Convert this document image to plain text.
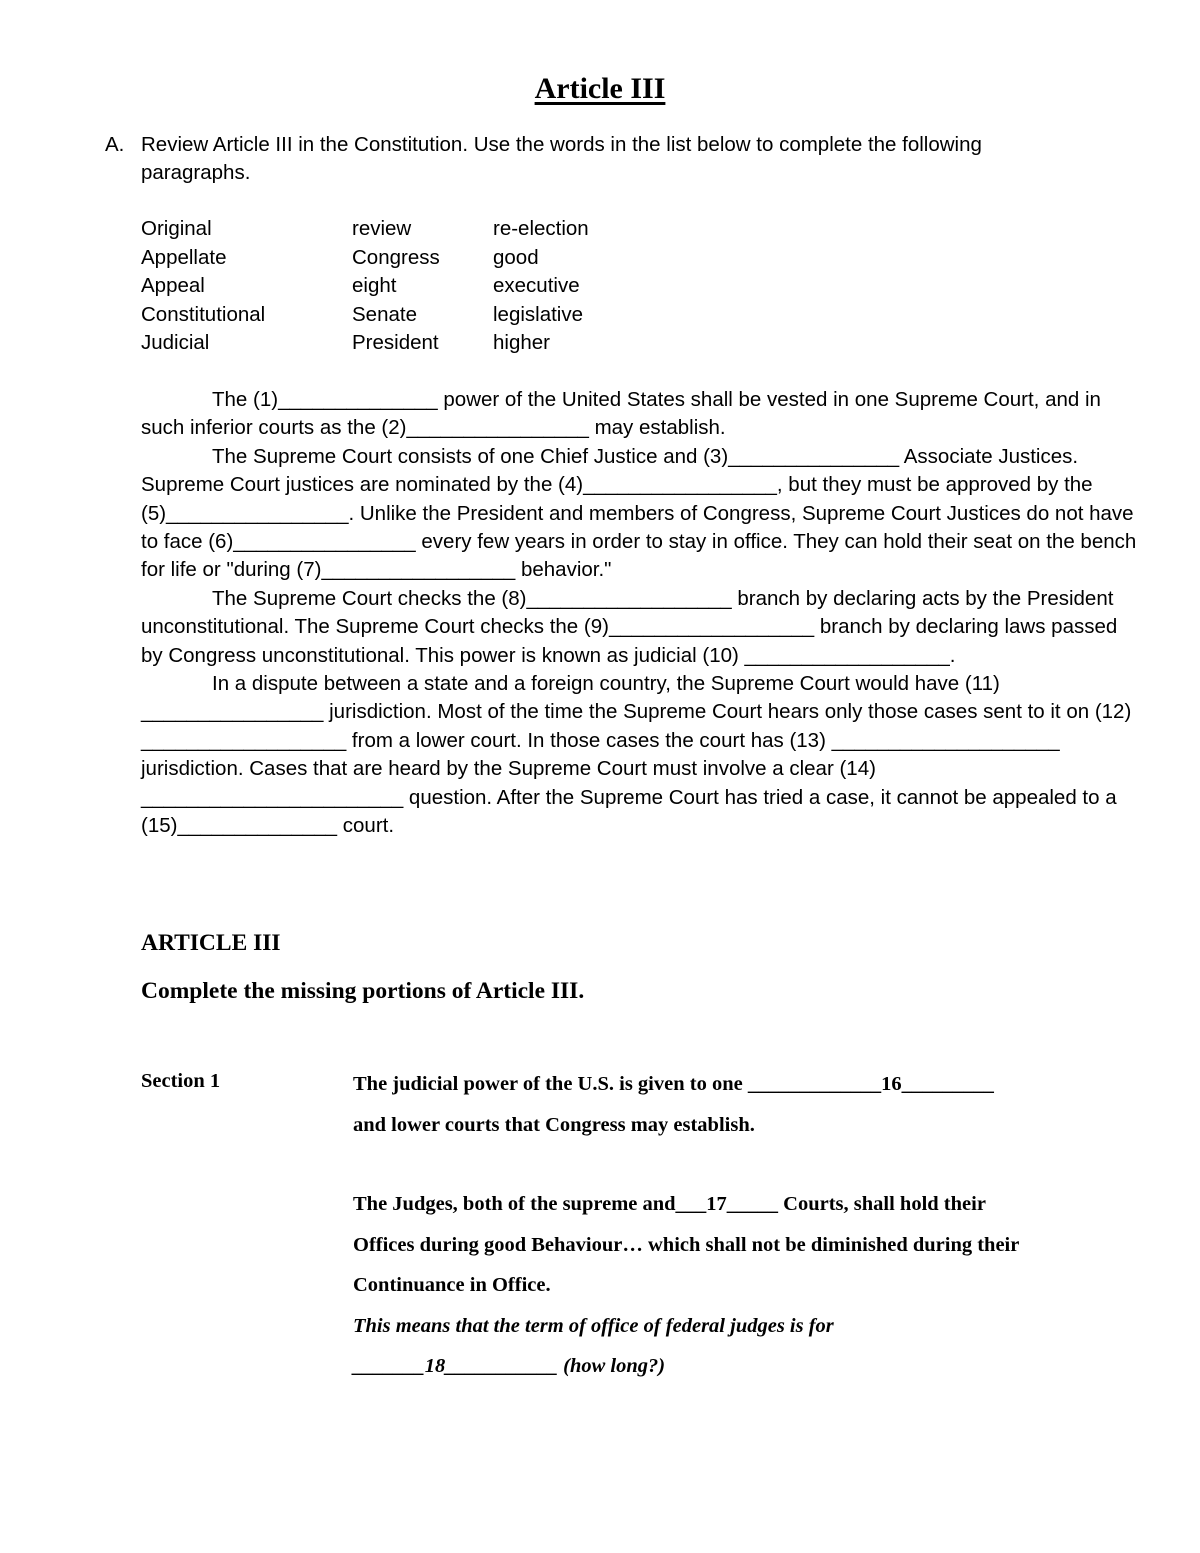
Article III
A. Review Article III in the Constitution. Use the words in the list below to complete the following paragraphs.
Original	review	re-election
Appellate	Congress	good
Appeal	eight	executive
Constitutional	Senate	legislative
Judicial	President	higher

The (1)______________ power of the United States shall be vested in one Supreme Court, and in such inferior courts as the (2)________________ may establish.

The Supreme Court consists of one Chief Justice and (3)_______________ Associate Justices. Supreme Court justices are nominated by the (4)_________________, but they must be approved by the (5)________________. Unlike the President and members of Congress, Supreme Court Justices do not have to face (6)________________ every few years in order to stay in office. They can hold their seat on the bench for life or "during (7)_________________ behavior."

The Supreme Court checks the (8)__________________ branch by declaring acts by the President unconstitutional. The Supreme Court checks the (9)__________________ branch by declaring laws passed by Congress unconstitutional. This power is known as judicial (10) __________________.

In a dispute between a state and a foreign country, the Supreme Court would have (11) ________________ jurisdiction. Most of the time the Supreme Court hears only those cases sent to it on (12) __________________ from a lower court. In those cases the court has (13) ____________________ jurisdiction. Cases that are heard by the Supreme Court must involve a clear (14) _______________________ question. After the Supreme Court has tried a case, it cannot be appealed to a (15)______________ court.

ARTICLE III
Complete the missing portions of Article III.
Section 1	The judicial power of the U.S. is given to one _____________16_________
and lower courts that Congress may establish.
The Judges, both of the supreme and___17_____ Courts, shall hold their
Offices during good Behaviour… which shall not be diminished during their
Continuance in Office.
This means that the term of office of federal judges is for
_______18___________ (how long?)
